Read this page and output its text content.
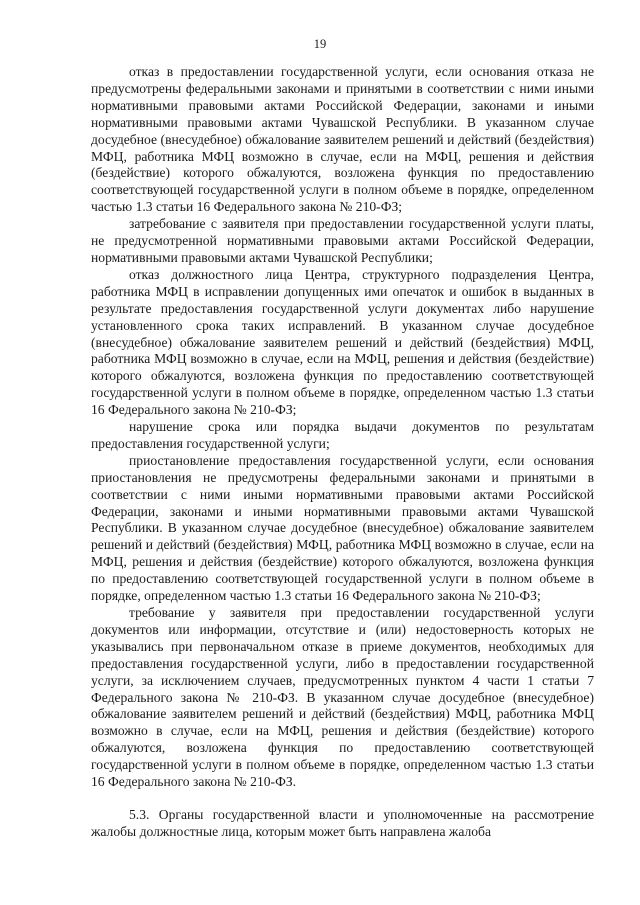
19

отказ в предоставлении государственной услуги, если основания отказа не предусмотрены федеральными законами и принятыми в соответствии с ними иными нормативными правовыми актами Российской Федерации, законами и иными нормативными правовыми актами Чувашской Республики. В указанном случае досудебное (внесудебное) обжалование заявителем решений и действий (бездействия) МФЦ, работника МФЦ возможно в случае, если на МФЦ, решения и действия (бездействие) которого обжалуются, возложена функция по предоставлению соответствующей государственной услуги в полном объеме в порядке, определенном частью 1.3 статьи 16 Федерального закона № 210-ФЗ;

затребование с заявителя при предоставлении государственной услуги платы, не предусмотренной нормативными правовыми актами Российской Федерации, нормативными правовыми актами Чувашской Республики;

отказ должностного лица Центра, структурного подразделения Центра, работника МФЦ в исправлении допущенных ими опечаток и ошибок в выданных в результате предоставления государственной услуги документах либо нарушение установленного срока таких исправлений. В указанном случае досудебное (внесудебное) обжалование заявителем решений и действий (бездействия) МФЦ, работника МФЦ возможно в случае, если на МФЦ, решения и действия (бездействие) которого обжалуются, возложена функция по предоставлению соответствующей государственной услуги в полном объеме в порядке, определенном частью 1.3 статьи 16 Федерального закона № 210-ФЗ;

нарушение срока или порядка выдачи документов по результатам предоставления государственной услуги;

приостановление предоставления государственной услуги, если основания приостановления не предусмотрены федеральными законами и принятыми в соответствии с ними иными нормативными правовыми актами Российской Федерации, законами и иными нормативными правовыми актами Чувашской Республики. В указанном случае досудебное (внесудебное) обжалование заявителем решений и действий (бездействия) МФЦ, работника МФЦ возможно в случае, если на МФЦ, решения и действия (бездействие) которого обжалуются, возложена функция по предоставлению соответствующей государственной услуги в полном объеме в порядке, определенном частью 1.3 статьи 16 Федерального закона № 210-ФЗ;

требование у заявителя при предоставлении государственной услуги документов или информации, отсутствие и (или) недостоверность которых не указывались при первоначальном отказе в приеме документов, необходимых для предоставления государственной услуги, либо в предоставлении государственной услуги, за исключением случаев, предусмотренных пунктом 4 части 1 статьи 7 Федерального закона № 210-ФЗ. В указанном случае досудебное (внесудебное) обжалование заявителем решений и действий (бездействия) МФЦ, работника МФЦ возможно в случае, если на МФЦ, решения и действия (бездействие) которого обжалуются, возложена функция по предоставлению соответствующей государственной услуги в полном объеме в порядке, определенном частью 1.3 статьи 16 Федерального закона № 210-ФЗ.

5.3. Органы государственной власти и уполномоченные на рассмотрение жалобы должностные лица, которым может быть направлена жалоба
